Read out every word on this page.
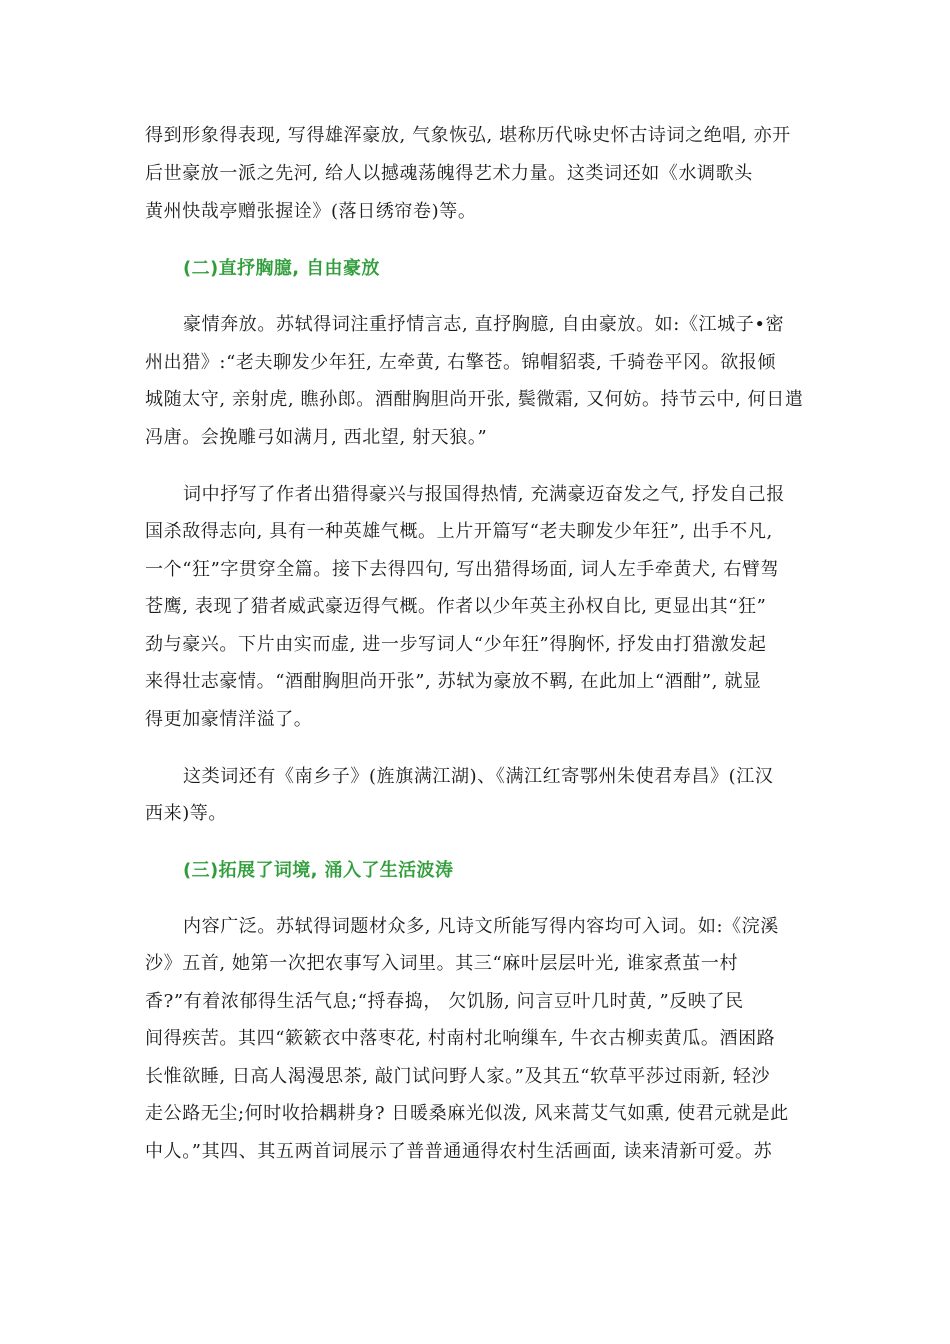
得到形象得表现, 写得雄浑豪放, 气象恢弘, 堪称历代咏史怀古诗词之绝唱, 亦开
后世豪放一派之先河, 给人以撼魂荡魄得艺术力量。这类词还如《水调歌头
黄州快哉亭赠张握诠》(落日绣帘卷)等。
(二)直抒胸臆, 自由豪放
豪情奔放。苏轼得词注重抒情言志, 直抒胸臆, 自由豪放。如:《江城子•密
州出猎》:“老夫聊发少年狂, 左牵黄, 右擎苍。锦帽貂裘, 千骑卷平冈。欲报倾
城随太守, 亲射虎, 瞧孙郎。酒酣胸胆尚开张, 鬓微霜, 又何妨。持节云中, 何日遣
冯唐。会挽雕弓如满月, 西北望, 射天狼。”
词中抒写了作者出猎得豪兴与报国得热情, 充满豪迈奋发之气, 抒发自己报
国杀敌得志向, 具有一种英雄气概。上片开篇写“老夫聊发少年狂”, 出手不凡,
一个“狂”字贯穿全篇。接下去得四句, 写出猎得场面, 词人左手牵黄犬, 右臂驾
苍鹰, 表现了猎者威武豪迈得气概。作者以少年英主孙权自比, 更显出其“狂”
劲与豪兴。下片由实而虚, 进一步写词人“少年狂”得胸怀, 抒发由打猎激发起
来得壮志豪情。“酒酣胸胆尚开张”, 苏轼为豪放不羁, 在此加上“酒酣”, 就显
得更加豪情洋溢了。
这类词还有《南乡子》(旌旗满江湖)、《满江红寄鄂州朱使君寿昌》(江汉
西来)等。
(三)拓展了词境, 涌入了生活波涛
内容广泛。苏轼得词题材众多, 凡诗文所能写得内容均可入词。如:《浣溪
沙》五首, 她第一次把农事写入词里。其三“麻叶层层叶光, 谁家煮茧一村
香?”有着浓郁得生活气息;“捋春捣， 欠饥肠, 问言豆叶几时黄, ”反映了民
间得疾苦。其四“簌簌衣中落枣花, 村南村北响缫车, 牛衣古柳卖黄瓜。酒困路
长惟欲睡, 日高人渴漫思茶, 敲门试问野人家。”及其五“软草平莎过雨新, 轻沙
走公路无尘;何时收拾耦耕身? 日暖桑麻光似泼, 风来蒿艾气如熏, 使君元就是此
中人。”其四、其五两首词展示了普普通通得农村生活画面, 读来清新可爱。苏
